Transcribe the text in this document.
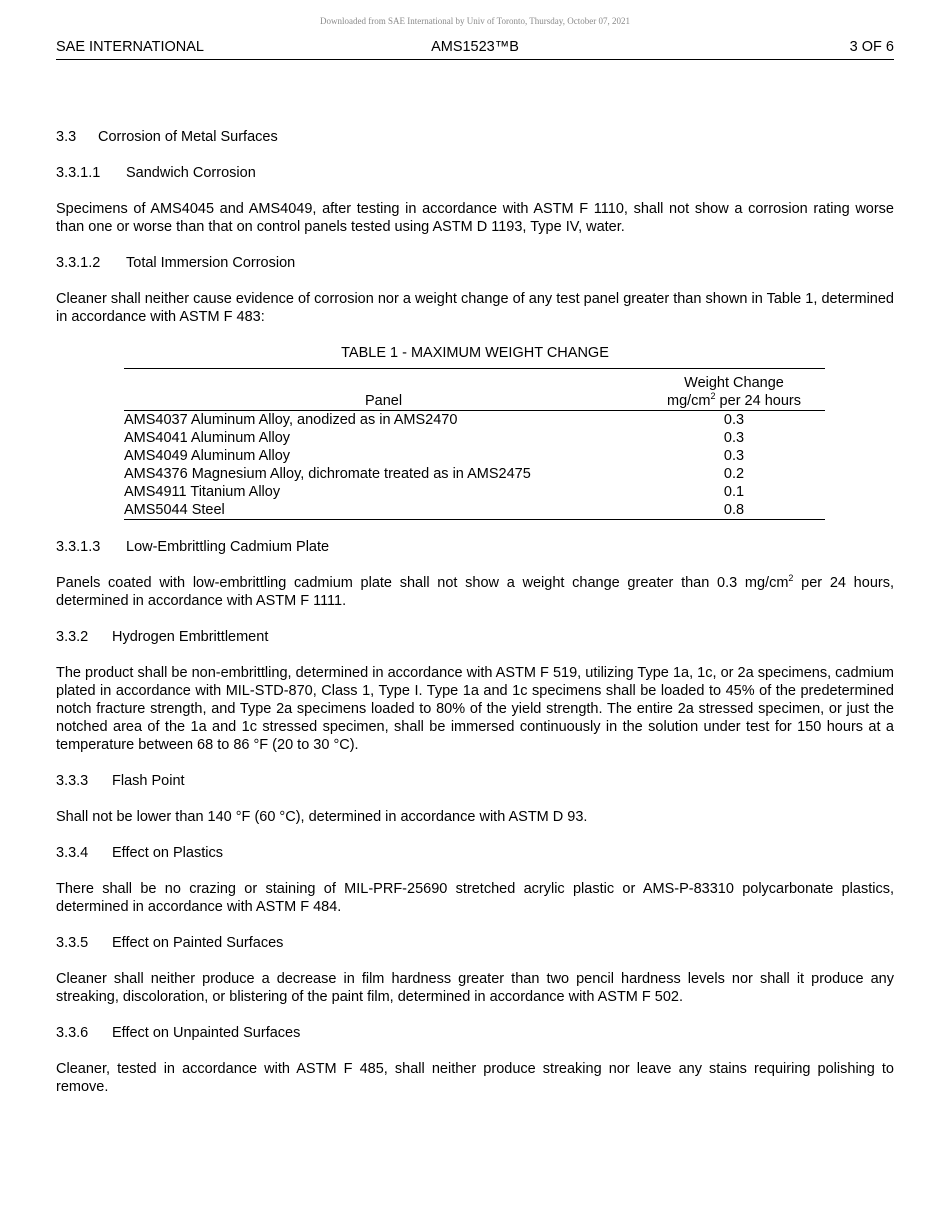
Downloaded from SAE International by Univ of Toronto, Thursday, October 07, 2021
AMS1523™B
SAE INTERNATIONAL	3 OF 6

3.3 Corrosion of Metal Surfaces

3.3.1.1 Sandwich Corrosion

Specimens of AMS4045 and AMS4049, after testing in accordance with ASTM F 1110, shall not show a corrosion rating worse than one or worse than that on control panels tested using ASTM D 1193, Type IV, water.

3.3.1.2 Total Immersion Corrosion

Cleaner shall neither cause evidence of corrosion nor a weight change of any test panel greater than shown in Table 1, determined in accordance with ASTM F 483:

TABLE 1 - MAXIMUM WEIGHT CHANGE

Panel	Weight Change
$mg/cm^2$ per 24 hours
AMS4037 Aluminum Alloy, anodized as in AMS2470	0.3
AMS4041 Aluminum Alloy	0.3
AMS4049 Aluminum Alloy	0.3
AMS4376 Magnesium Alloy, dichromate treated as in AMS2475	0.2
AMS4911 Titanium Alloy	0.1
AMS5044 Steel	0.8

3.3.1.3 Low-Embrittling Cadmium Plate

Panels coated with low-embrittling cadmium plate shall not show a weight change greater than 0.3 $mg/cm^2$ per 24 hours, determined in accordance with ASTM F 1111.

3.3.2 Hydrogen Embrittlement

The product shall be non-embrittling, determined in accordance with ASTM F 519, utilizing Type 1a, 1c, or 2a specimens, cadmium plated in accordance with MIL-STD-870, Class 1, Type I. Type 1a and 1c specimens shall be loaded to 45% of the predetermined notch fracture strength, and Type 2a specimens loaded to 80% of the yield strength. The entire 2a stressed specimen, or just the notched area of the 1a and 1c stressed specimen, shall be immersed continuously in the solution under test for 150 hours at a temperature between 68 to 86 °F (20 to 30 °C).

3.3.3 Flash Point

Shall not be lower than 140 °F (60 °C), determined in accordance with ASTM D 93.

3.3.4 Effect on Plastics

There shall be no crazing or staining of MIL-PRF-25690 stretched acrylic plastic or AMS-P-83310 polycarbonate plastics, determined in accordance with ASTM F 484.

3.3.5 Effect on Painted Surfaces

Cleaner shall neither produce a decrease in film hardness greater than two pencil hardness levels nor shall it produce any streaking, discoloration, or blistering of the paint film, determined in accordance with ASTM F 502.

3.3.6 Effect on Unpainted Surfaces

Cleaner, tested in accordance with ASTM F 485, shall neither produce streaking nor leave any stains requiring polishing to remove.
